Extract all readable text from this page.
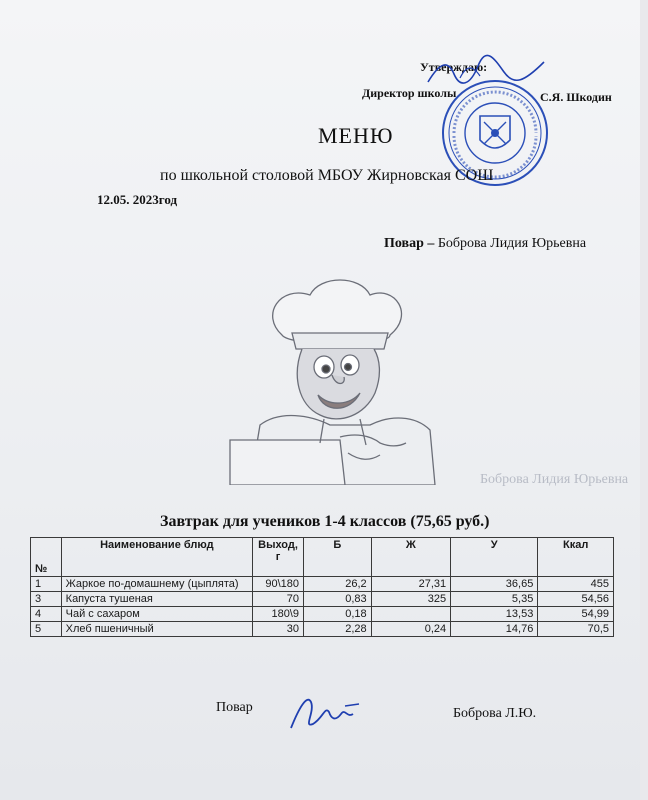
Утверждаю:
Директор школы	С.Я. Шкодин
МЕНЮ
по школьной столовой МБОУ Жирновская СОШ
12.05. 2023год
Повар – Боброва Лидия Юрьевна
Боброва Лидия Юрьевна
Завтрак для учеников 1-4 классов (75,65 руб.)
№	Наименование блюд	Выход, г	Б	Ж	У	Ккал
1	Жаркое по-домашнему (цыплята)	90\180	26,2	27,31	36,65	455
3	Капуста тушеная	70	0,83	325	5,35	54,56
4	Чай с сахаром	180\9	0,18		13,53	54,99
5	Хлеб пшеничный	30	2,28	0,24	14,76	70,5
Повар	Боброва Л.Ю.
